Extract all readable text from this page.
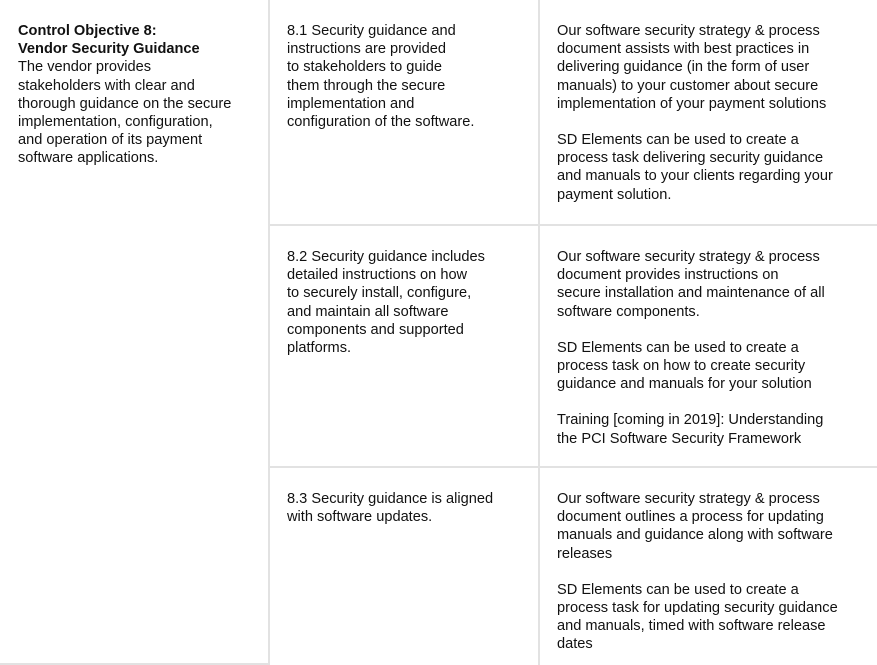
Control Objective 8:
Vendor Security Guidance

The vendor provides
stakeholders with clear and
thorough guidance on the secure
implementation, configuration,
and operation of its payment
software applications.

8.1 Security guidance and
instructions are provided
to stakeholders to guide
them through the secure
implementation and
configuration of the software.

Our software security strategy & process
document assists with best practices in
delivering guidance (in the form of user
manuals) to your customer about secure
implementation of your payment solutions

SD Elements can be used to create a
process task delivering security guidance
and manuals to your clients regarding your
payment solution.

8.2 Security guidance includes
detailed instructions on how
to securely install, configure,
and maintain all software
components and supported
platforms.

Our software security strategy & process
document provides instructions on
secure installation and maintenance of all
software components.

SD Elements can be used to create a
process task on how to create security
guidance and manuals for your solution

Training [coming in 2019]: Understanding
the PCI Software Security Framework

8.3 Security guidance is aligned
with software updates.

Our software security strategy & process
document outlines a process for updating
manuals and guidance along with software
releases

SD Elements can be used to create a
process task for updating security guidance
and manuals, timed with software release
dates
